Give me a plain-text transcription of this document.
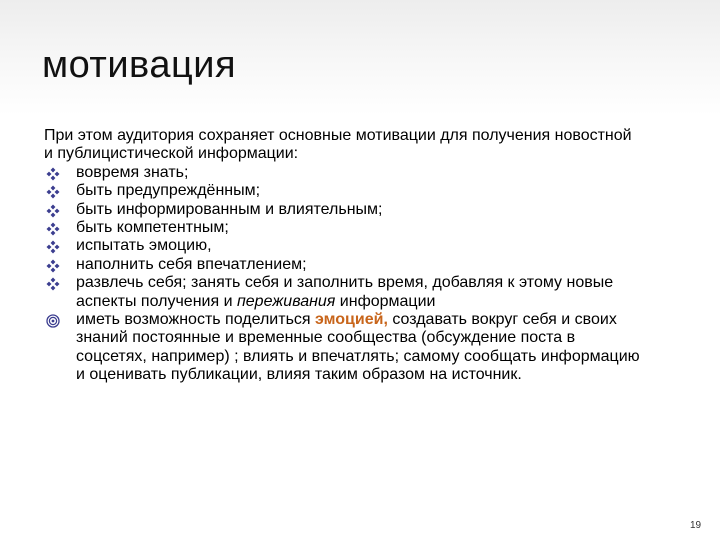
мотивация

При этом аудитория сохраняет основные мотивации для получения новостной и публицистической информации:

вовремя знать;
быть предупреждённым;
быть информированным и влиятельным;
быть компетентным;
испытать эмоцию,
наполнить себя впечатлением;
развлечь себя; занять себя и заполнить время, добавляя к этому новые аспекты получения и переживания информации
иметь возможность поделиться эмоцией, создавать вокруг себя и своих знаний постоянные и временные сообщества (обсуждение поста в соцсетях, например) ; влиять и впечатлять; самому сообщать информацию и оценивать публикации, влияя таким образом на источник.
19
